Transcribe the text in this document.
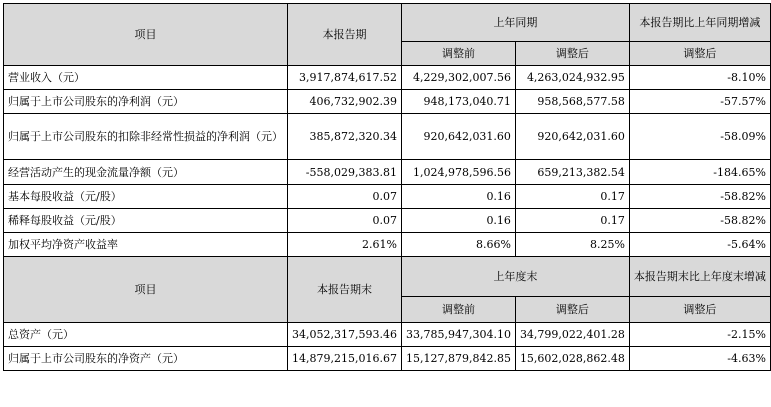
项目	本报告期	上年同期		本报告期比上年同期增减
		调整前	调整后	调整后
营业收入（元）	3,917,874,617.52	4,229,302,007.56	4,263,024,932.95	-8.10%
归属于上市公司股东的净利润（元）	406,732,902.39	948,173,040.71	958,568,577.58	-57.57%
归属于上市公司股东的扣除非经常性损益的净利润（元）	385,872,320.34	920,642,031.60	920,642,031.60	-58.09%
经营活动产生的现金流量净额（元）	-558,029,383.81	1,024,978,596.56	659,213,382.54	-184.65%
基本每股收益（元/股）	0.07	0.16	0.17	-58.82%
稀释每股收益（元/股）	0.07	0.16	0.17	-58.82%
加权平均净资产收益率	2.61%	8.66%	8.25%	-5.64%
项目	本报告期末	上年度末		本报告期末比上年度末增减
		调整前	调整后	调整后
总资产（元）	34,052,317,593.46	33,785,947,304.10	34,799,022,401.28	-2.15%
归属于上市公司股东的净资产（元）	14,879,215,016.67	15,127,879,842.85	15,602,028,862.48	-4.63%
